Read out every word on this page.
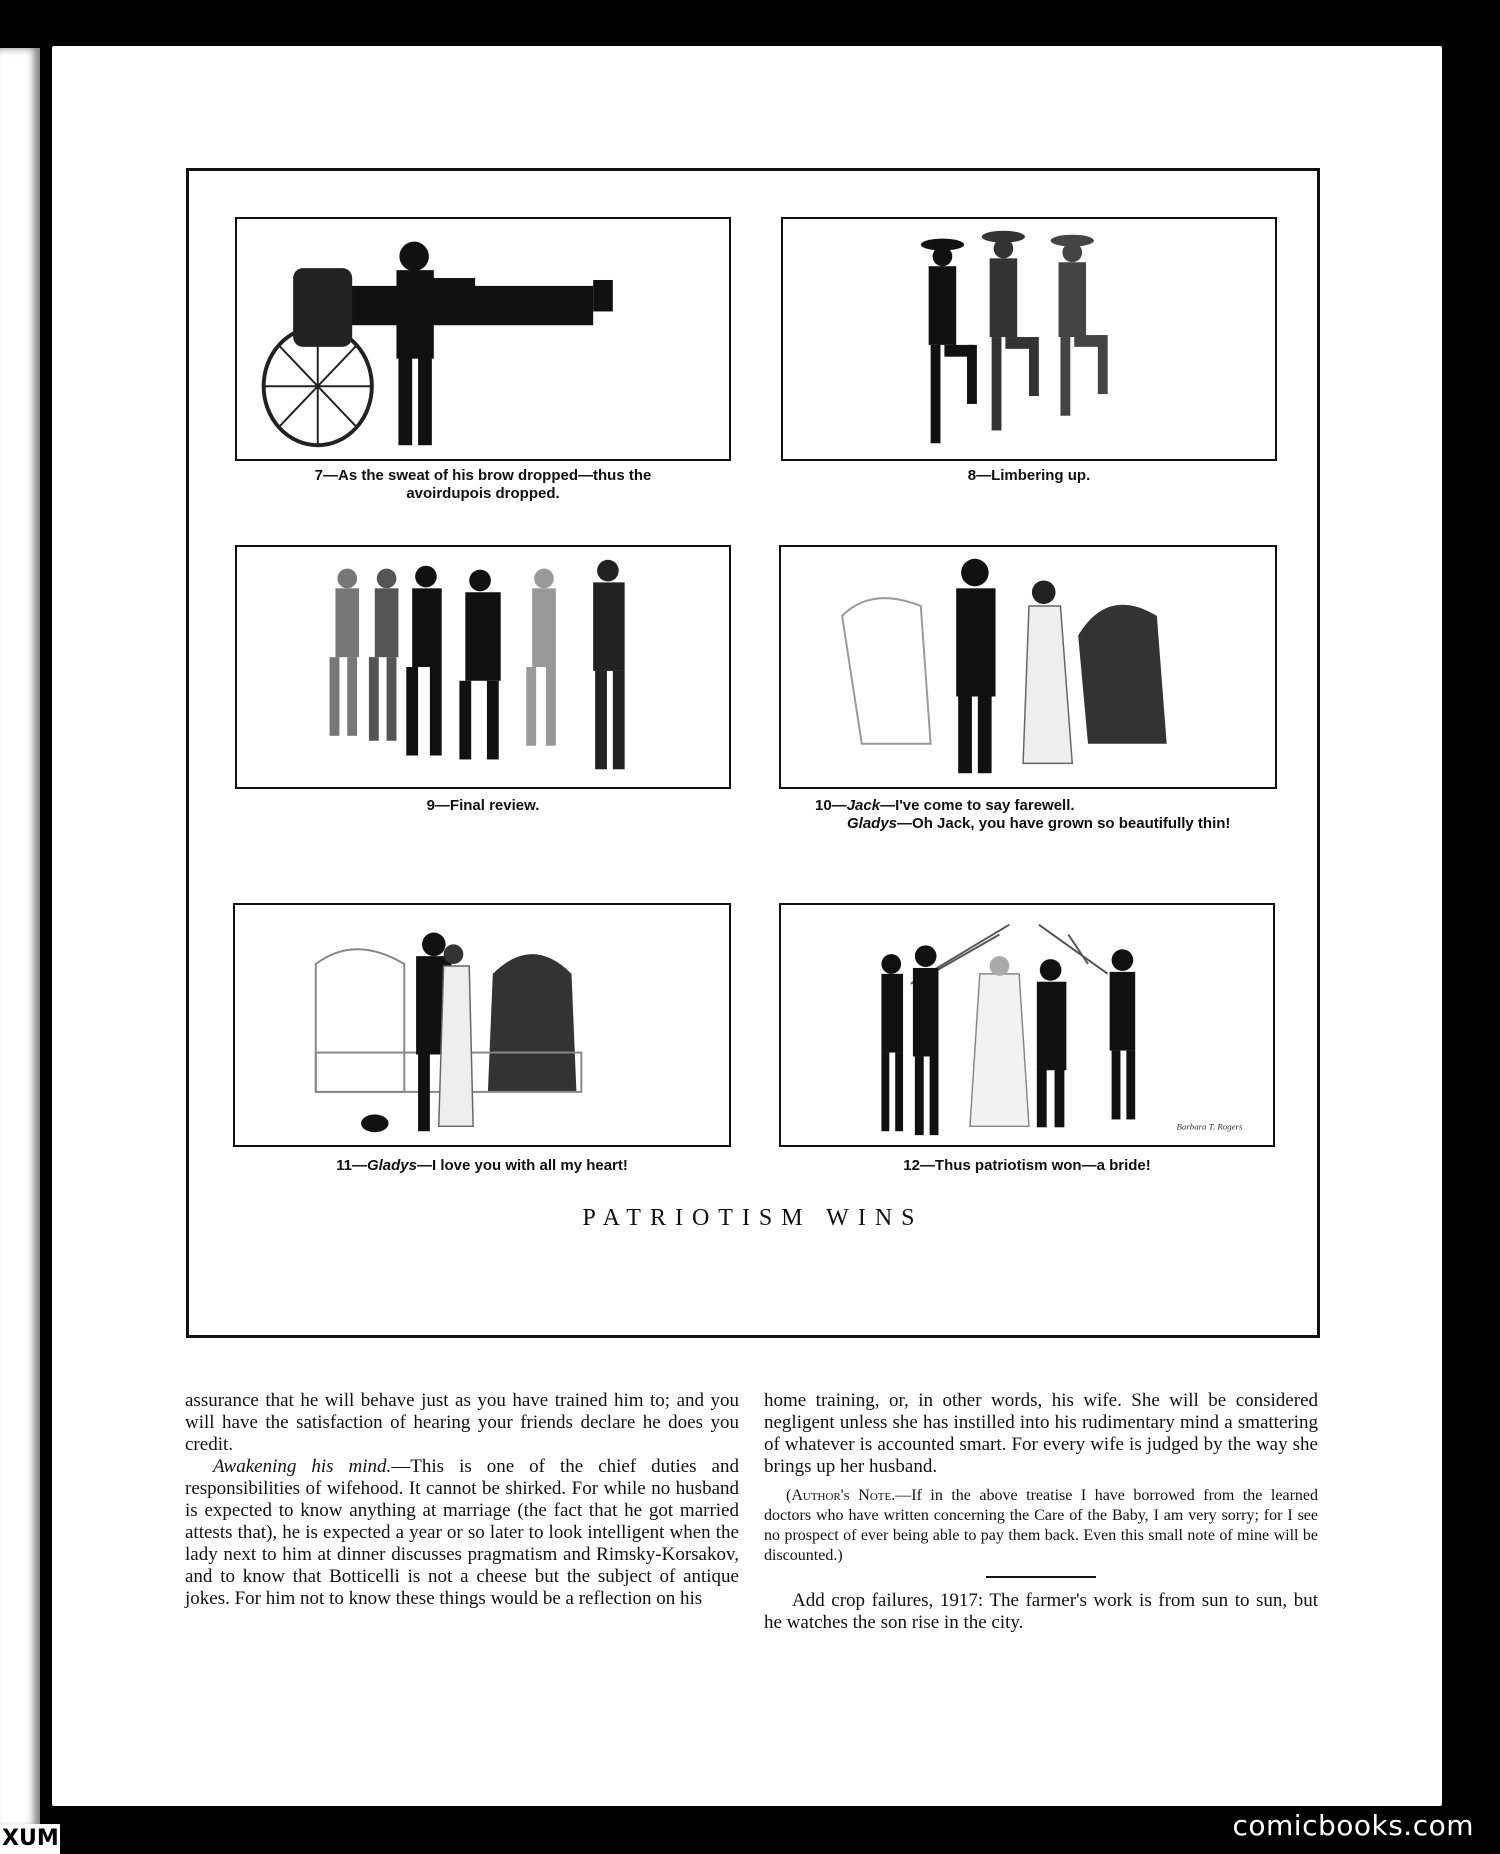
7—As the sweat of his brow dropped—thus the
avoirdupois dropped.
8—Limbering up.
9—Final review.	10—Jack—I've come to say farewell.
Gladys—Oh Jack, you have grown so beautifully thin!
11—Gladys—I love you with all my heart!
Barbara T. Rogers
12—Thus patriotism won—a bride!
PATRIOTISM WINS

assurance that he will behave just as you have trained him to; and you will have the satisfaction of hearing your friends declare he does you credit.

Awakening his mind.—This is one of the chief duties and responsibilities of wifehood. It cannot be shirked. For while no husband is expected to know anything at marriage (the fact that he got married attests that), he is expected a year or so later to look intelligent when the lady next to him at dinner discusses pragmatism and Rimsky-Korsakov, and to know that Botticelli is not a cheese but the subject of antique jokes. For him not to know these things would be a reflection on his

home training, or, in other words, his wife. She will be considered negligent unless she has instilled into his rudimentary mind a smattering of whatever is accounted smart. For every wife is judged by the way she brings up her husband.

(Author's Note.—If in the above treatise I have borrowed from the learned doctors who have written concerning the Care of the Baby, I am very sorry; for I see no prospect of ever being able to pay them back. Even this small note of mine will be discounted.)

Add crop failures, 1917: The farmer's work is from sun to sun, but he watches the son rise in the city.

comicbooks.com
XUM
